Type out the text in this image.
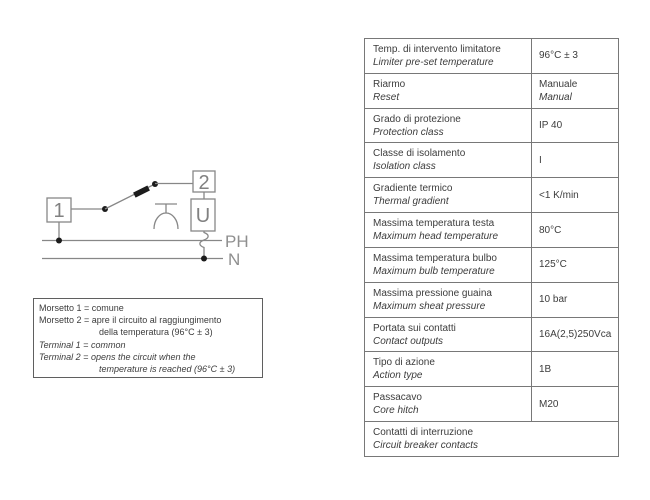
1
2
U
PH
N
Morsetto 1 = comune
Morsetto 2 = apre il circuito al raggiungimento
della temperatura (96°C ± 3)
Terminal 1 = common
Terminal 2 = opens the circuit when the
temperature is reached (96°C ± 3)
Temp. di intervento limitatore
Limiter pre-set temperature
96°C ± 3
Riarmo
Reset
Manuale
Manual
Grado di protezione
Protection class
IP 40
Classe di isolamento
Isolation class
I
Gradiente termico
Thermal gradient
<1 K/min
Massima temperatura testa
Maximum head temperature
80°C
Massima temperatura bulbo
Maximum bulb temperature
125°C
Massima pressione guaina
Maximum sheat pressure
10 bar
Portata sui contatti
Contact outputs
16A(2,5)250Vca
Tipo di azione
Action type
1B
Passacavo
Core hitch
M20
Contatti di interruzione
Circuit breaker contacts
